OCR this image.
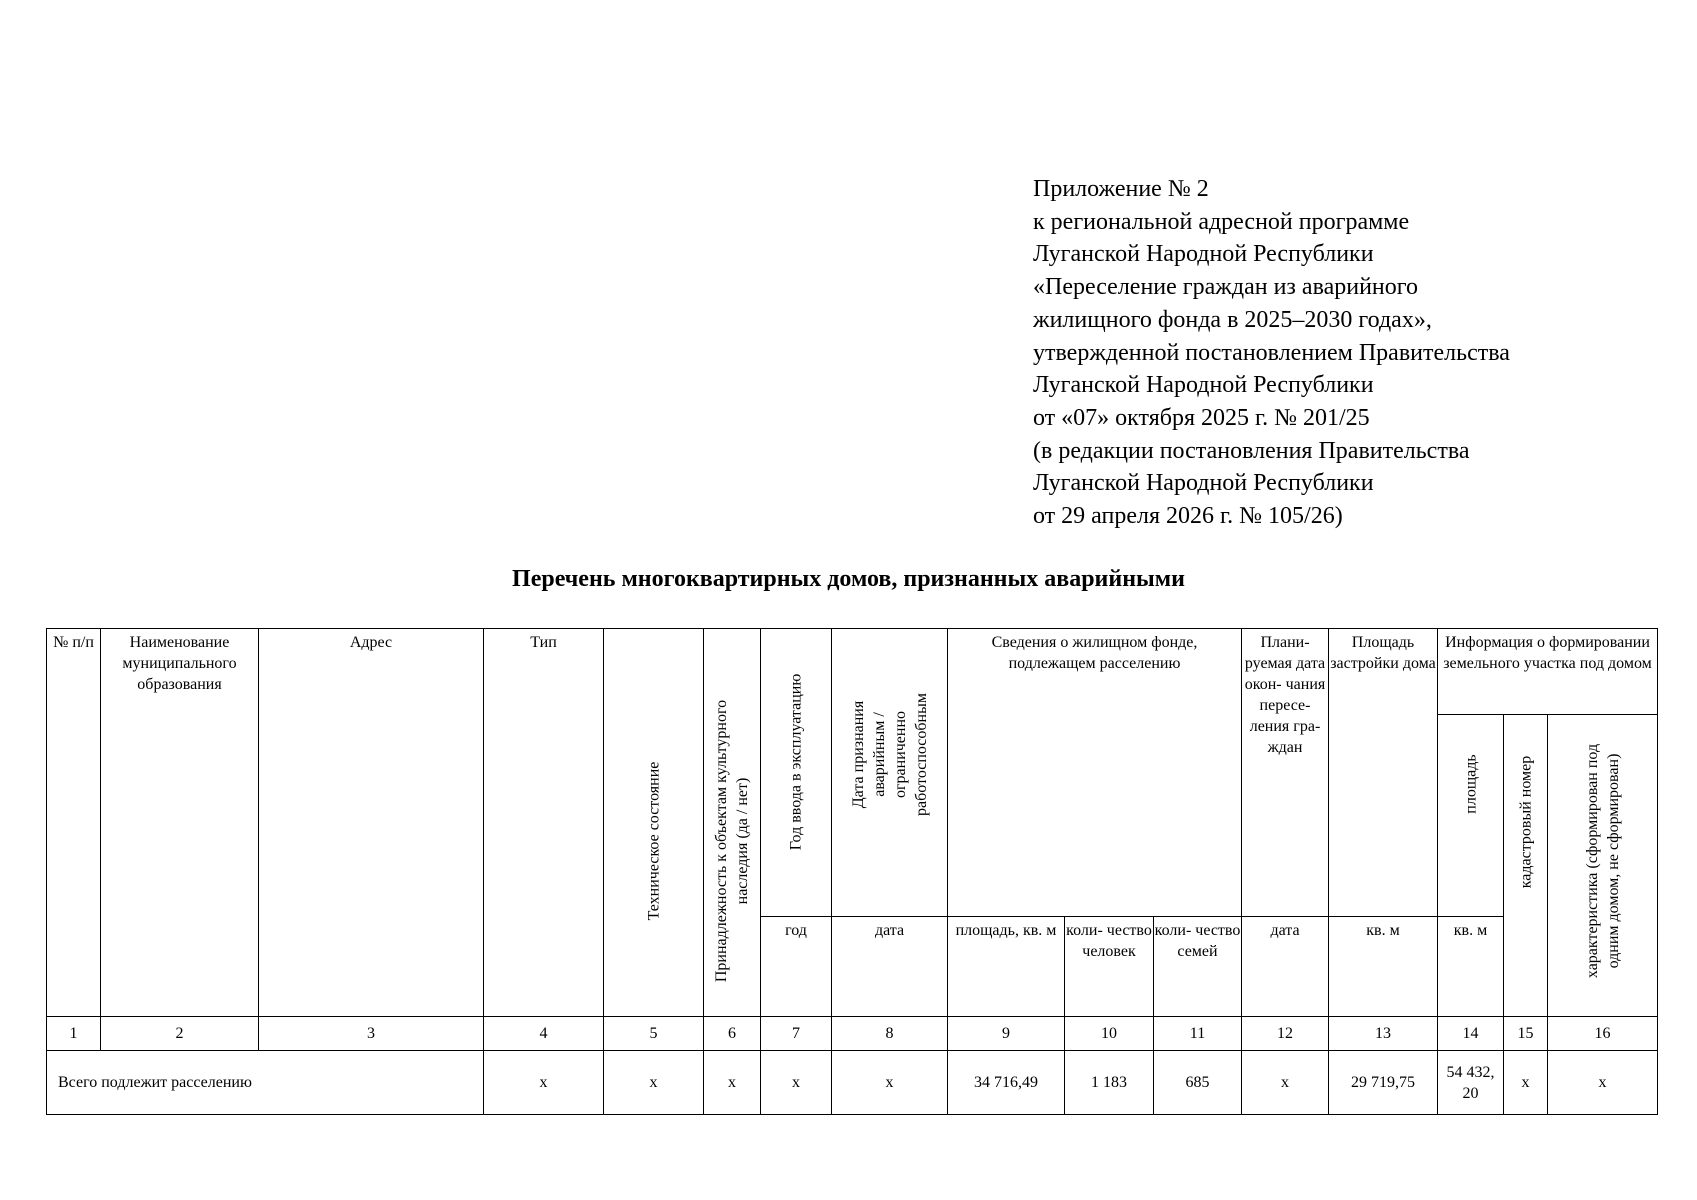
Приложение № 2
к региональной адресной программе
Луганской Народной Республики
«Переселение граждан из аварийного
жилищного фонда в 2025–2030 годах»,
утвержденной постановлением Правительства
Луганской Народной Республики
от «07» октября 2025 г. № 201/25
(в редакции постановления Правительства
Луганской Народной Республики
от 29 апреля 2026 г. № 105/26)
Перечень многоквартирных домов, признанных аварийными
№ п/п	Наименование муниципального образования	Адрес	Тип	Техническое состояние	Принадлежность к объектам культурного наследия (да / нет)	Год ввода в эксплуатацию	Дата признания аварийным / ограниченно работоспособным	Сведения о жилищном фонде, подлежащем расселению			Плани- руемая дата окон- чания пересе- ления гра- ждан	Площадь застройки дома	Информация о формировании земельного участка под домом		

													площадь	кадастровый номер	характеристика (сформирован под одним домом, не сформирован)

						год	дата	площадь, кв. м	коли- чество человек	коли- чество семей	дата	кв. м	кв. м		
1	2	3	4	5	6	7	8	9	10	11	12	13	14	15	16
Всего подлежит расселению			х	х	х	х	х	34 716,49	1 183	685	х	29 719,75	54 432, 20	х	х
